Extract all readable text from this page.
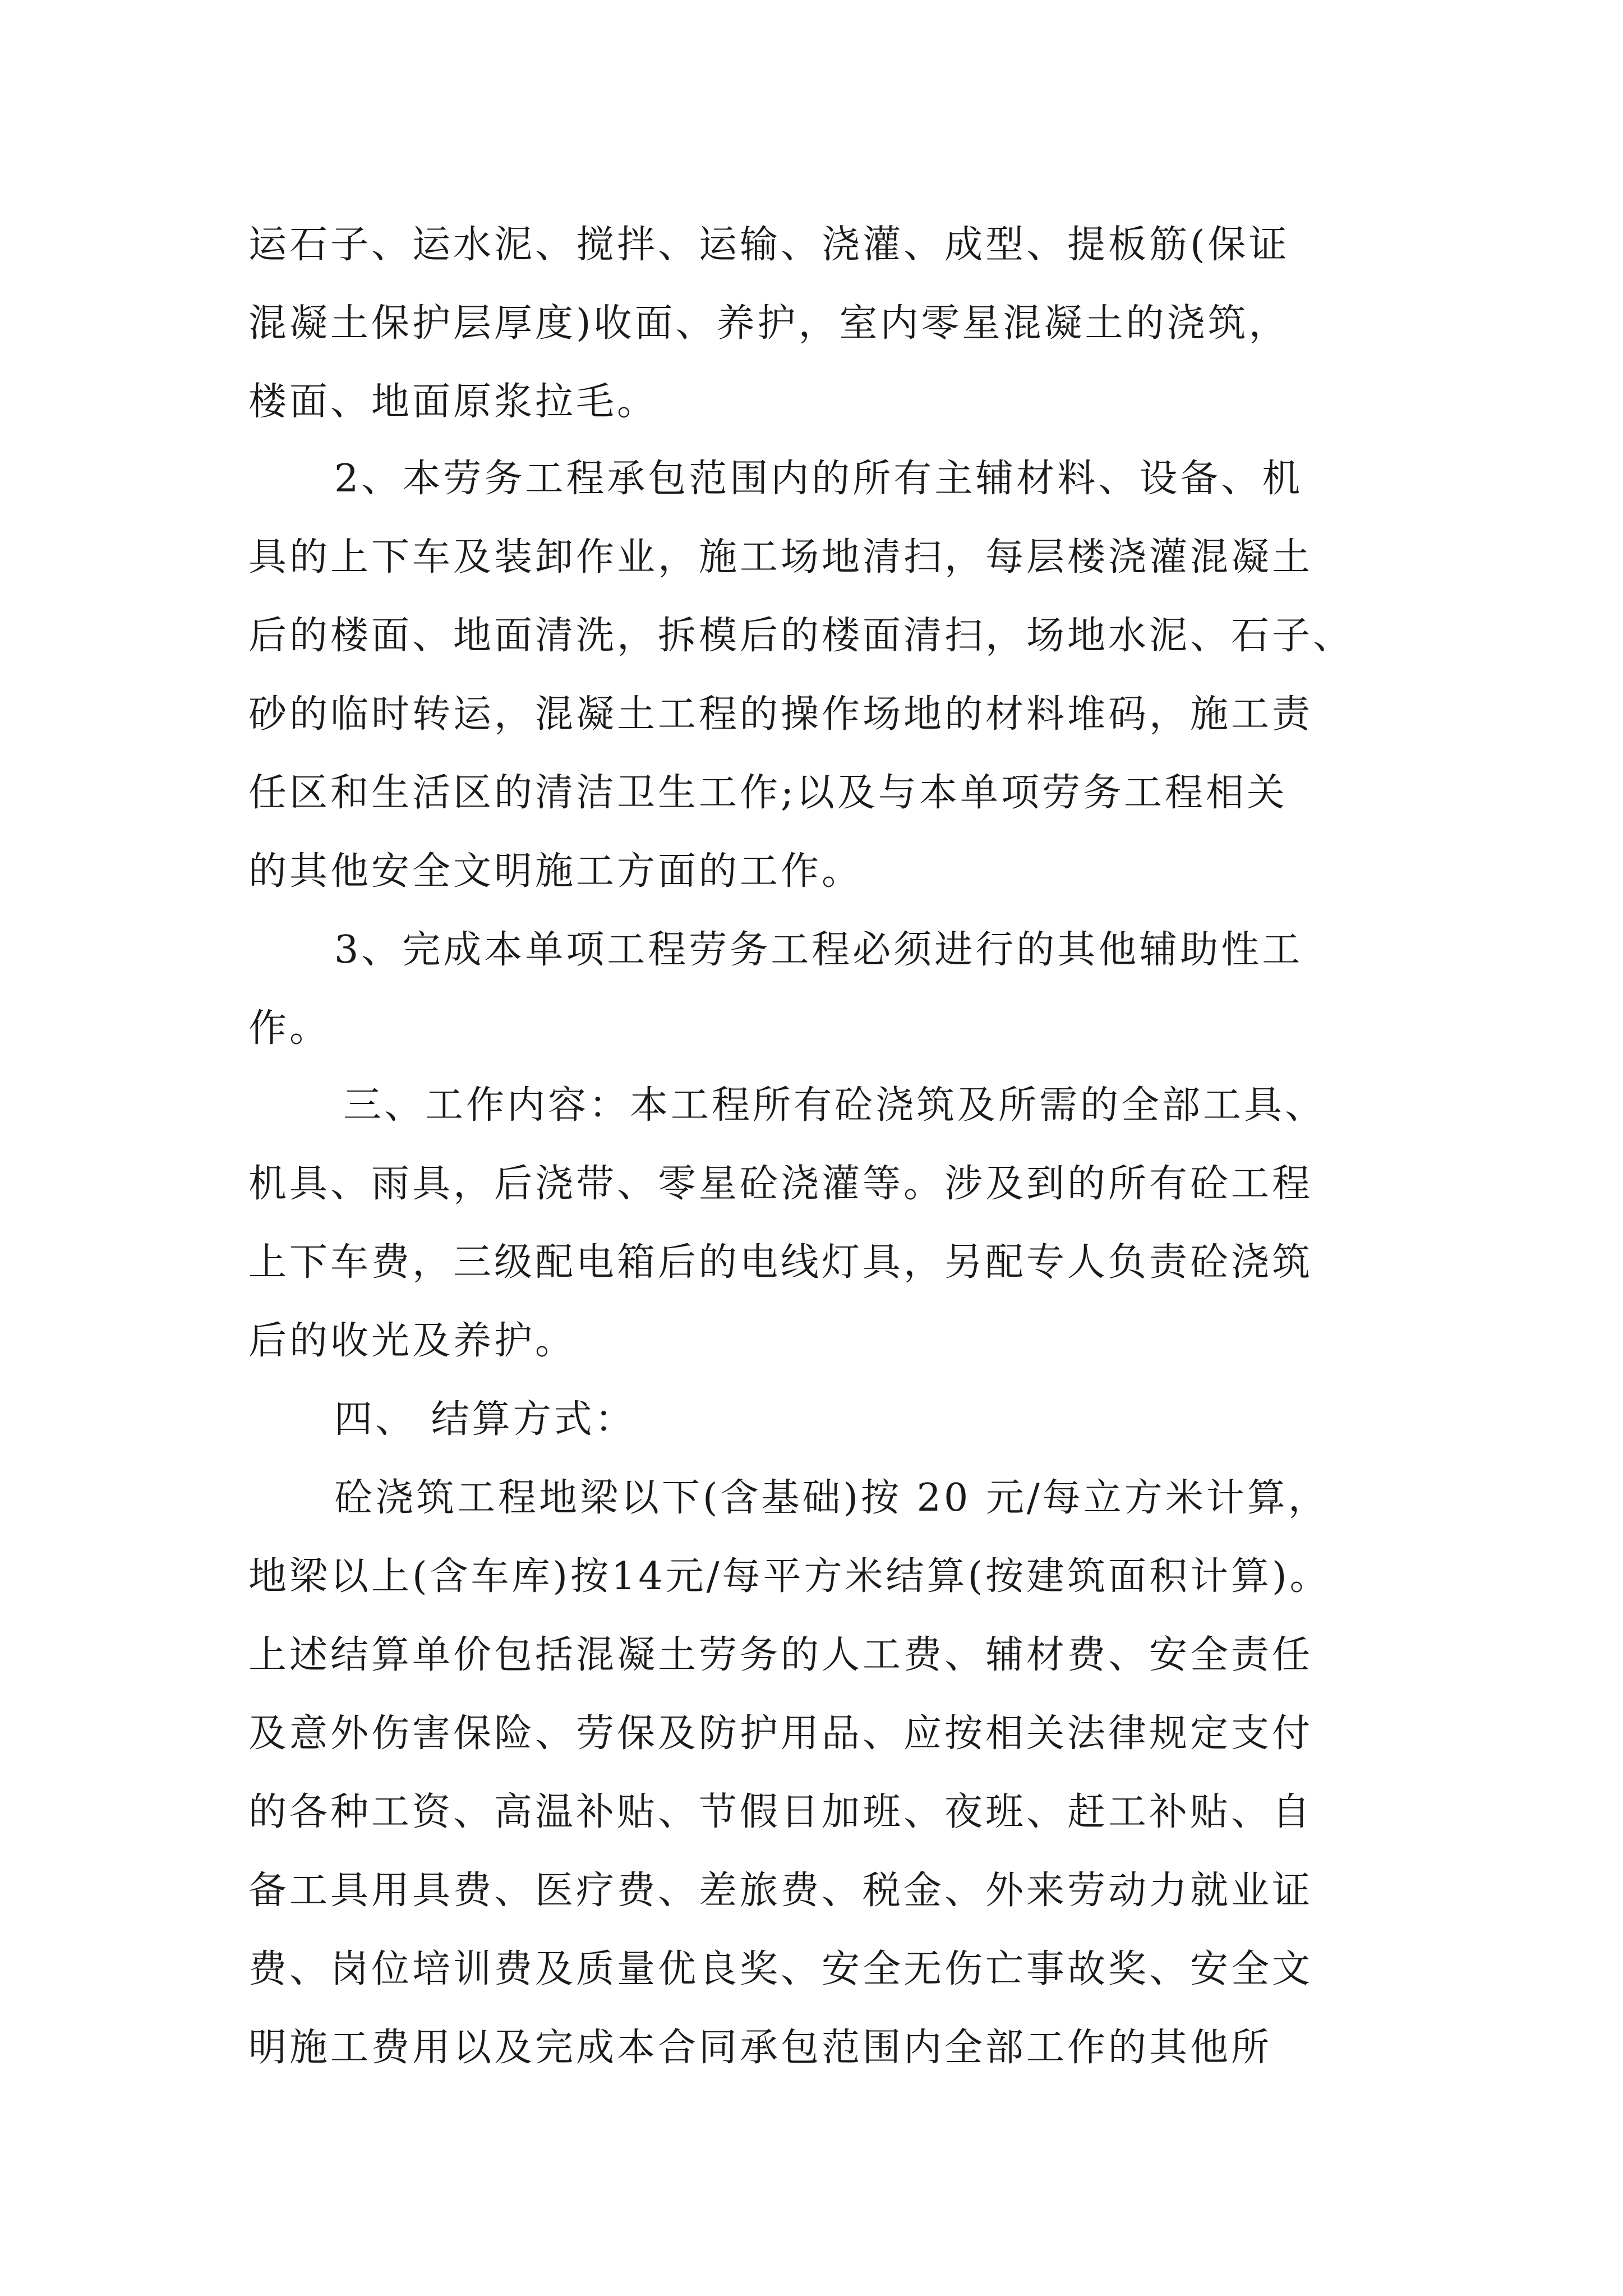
运石子、运水泥、搅拌、运输、浇灌、成型、提板筋(保证
混凝土保护层厚度)收面、养护，室内零星混凝土的浇筑，
楼面、地面原浆拉毛。
2、本劳务工程承包范围内的所有主辅材料、设备、机
具的上下车及装卸作业，施工场地清扫，每层楼浇灌混凝土
后的楼面、地面清洗，拆模后的楼面清扫，场地水泥、石子、
砂的临时转运，混凝土工程的操作场地的材料堆码，施工责
任区和生活区的清洁卫生工作;以及与本单项劳务工程相关
的其他安全文明施工方面的工作。
3、完成本单项工程劳务工程必须进行的其他辅助性工
作。
三、工作内容：本工程所有砼浇筑及所需的全部工具、
机具、雨具，后浇带、零星砼浇灌等。涉及到的所有砼工程
上下车费，三级配电箱后的电线灯具，另配专人负责砼浇筑
后的收光及养护。
四、 结算方式：
砼浇筑工程地梁以下(含基础)按 20 元/每立方米计算，
地梁以上(含车库)按14元/每平方米结算(按建筑面积计算)。
上述结算单价包括混凝土劳务的人工费、辅材费、安全责任
及意外伤害保险、劳保及防护用品、应按相关法律规定支付
的各种工资、高温补贴、节假日加班、夜班、赶工补贴、自
备工具用具费、医疗费、差旅费、税金、外来劳动力就业证
费、岗位培训费及质量优良奖、安全无伤亡事故奖、安全文
明施工费用以及完成本合同承包范围内全部工作的其他所
